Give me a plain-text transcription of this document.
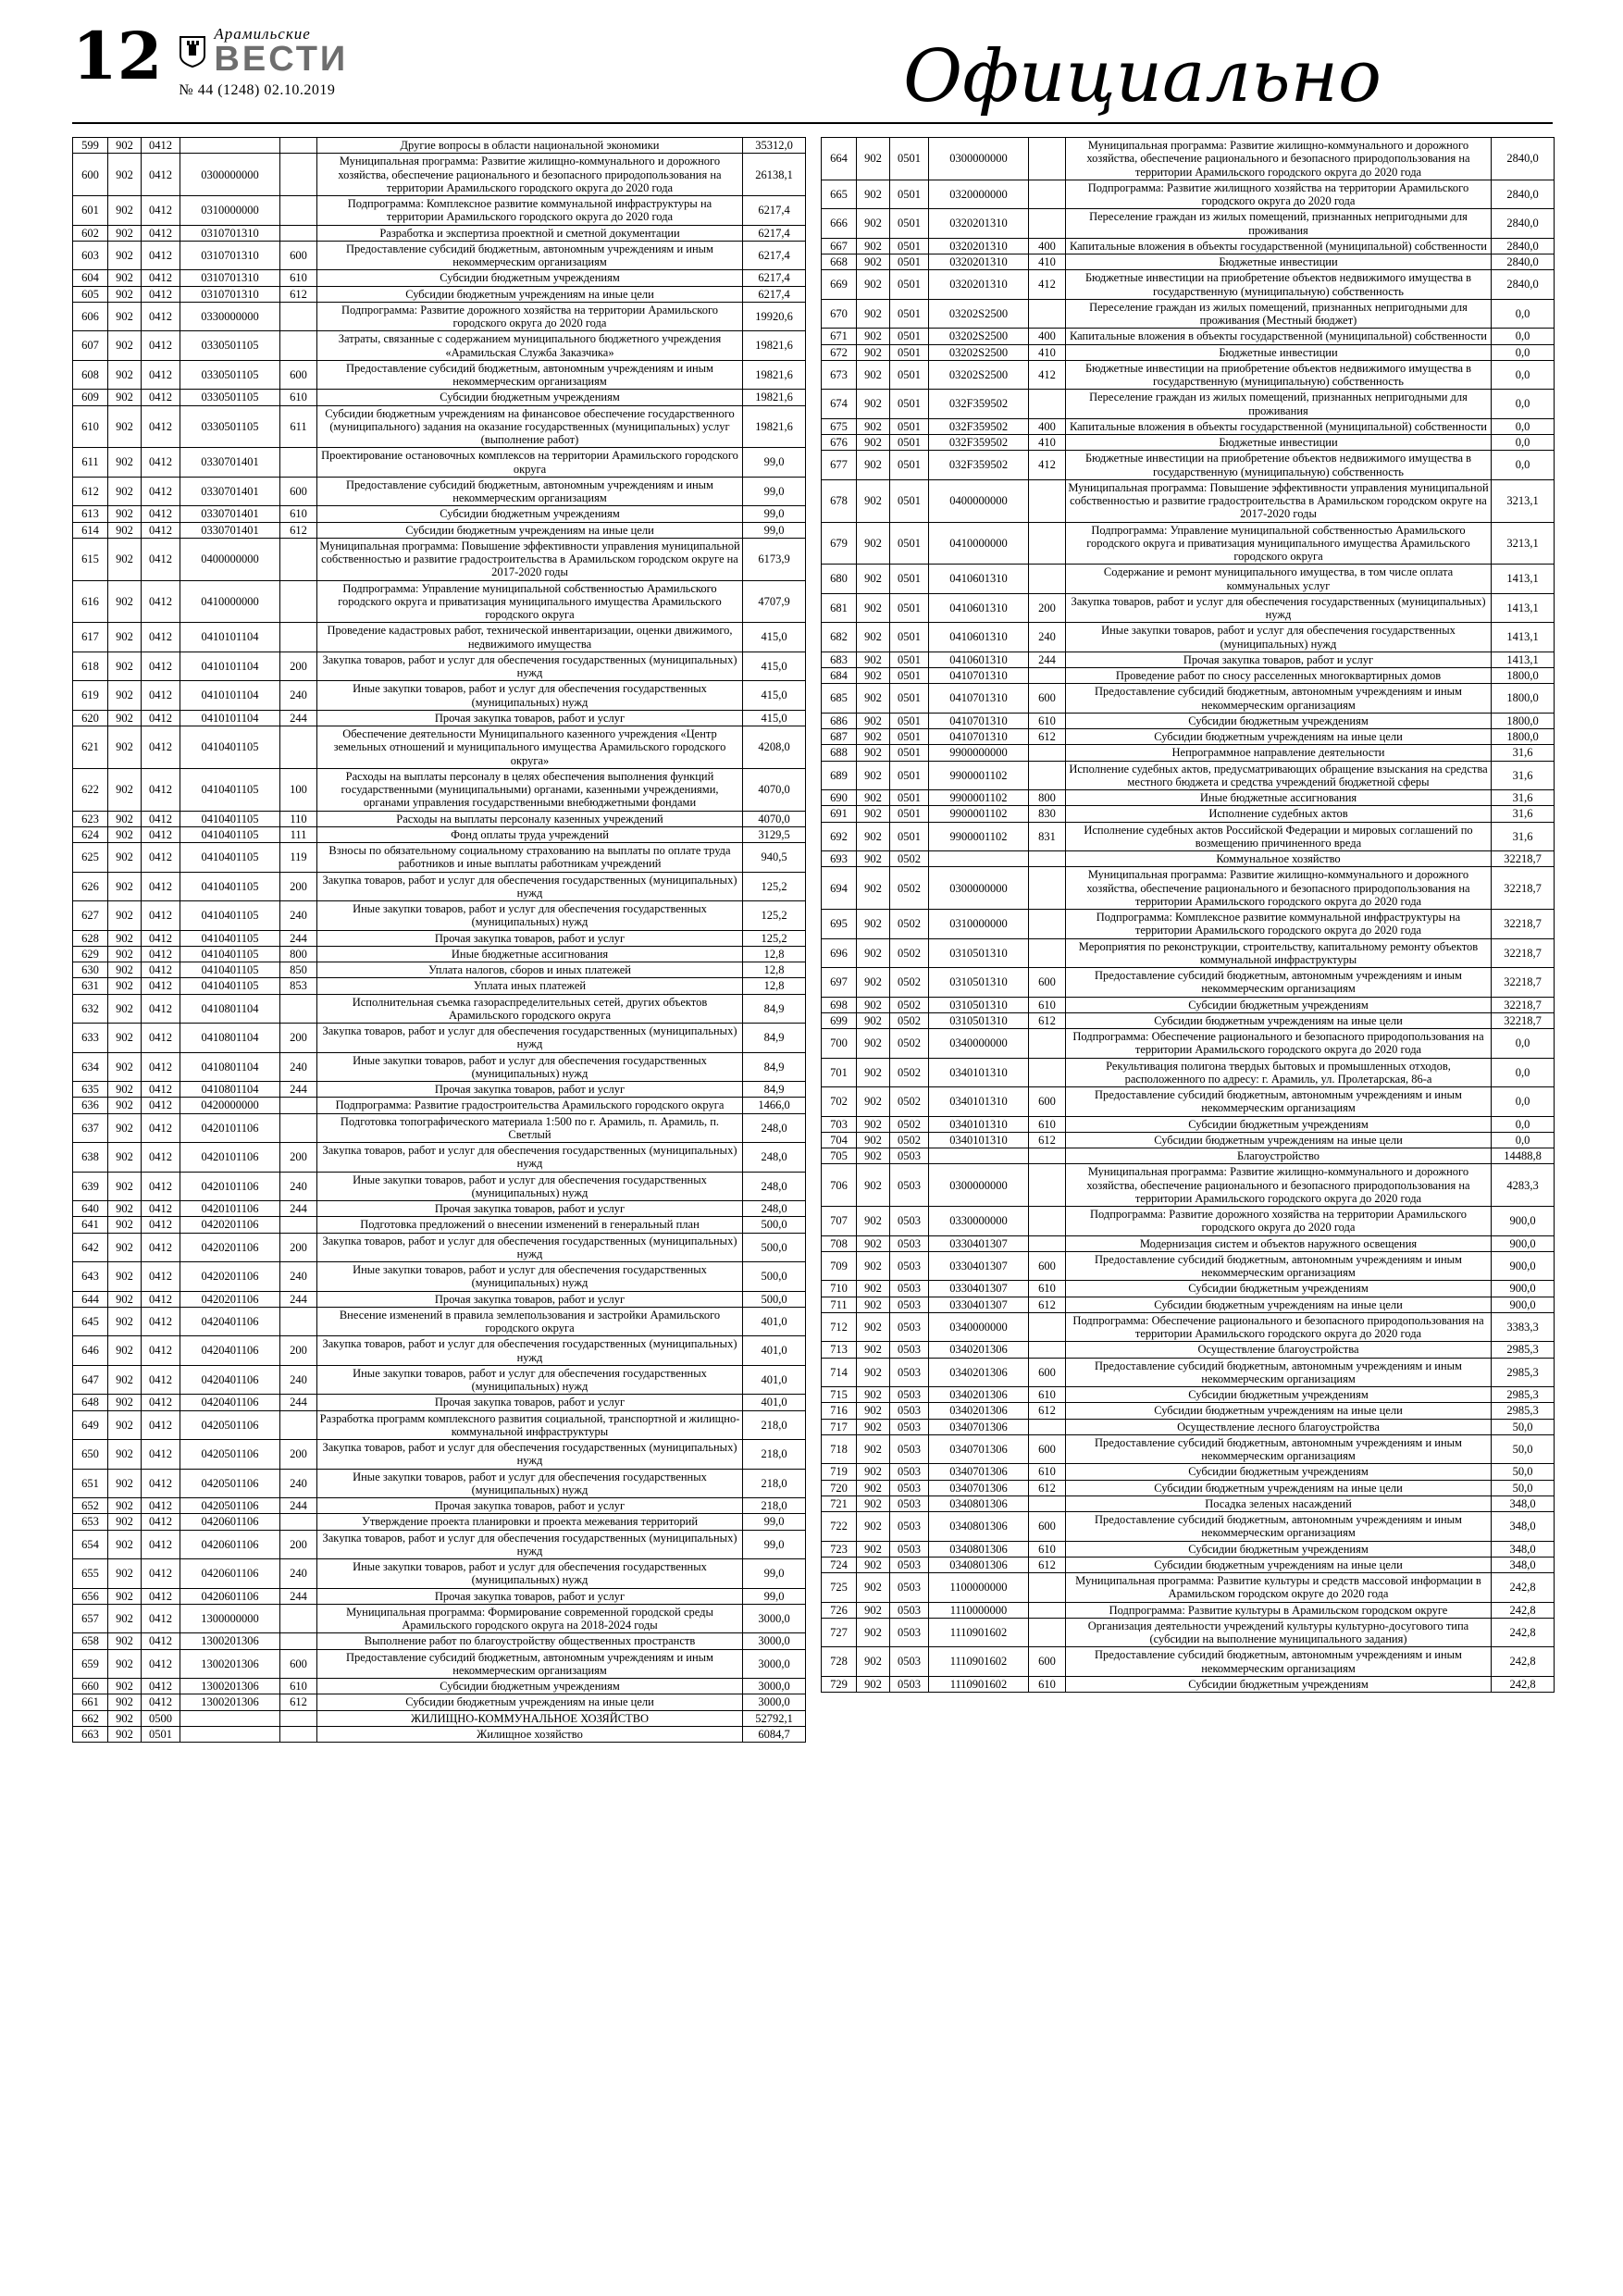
12	Арамильские
ВЕСТИ
№ 44 (1248) 02.10.2019	Официально
599	902	0412			Другие вопросы в области национальной экономики	35312,0
600	902	0412	0300000000		Муниципальная программа: Развитие жилищно-коммунального и дорожного хозяйства, обеспечение рационального и безопасного природопользования на территории Арамильского городского округа до 2020 года	26138,1
601	902	0412	0310000000		Подпрограмма: Комплексное развитие коммунальной инфраструктуры на территории Арамильского городского округа до 2020 года	6217,4
602	902	0412	0310701310		Разработка и экспертиза проектной и сметной документации	6217,4
603	902	0412	0310701310	600	Предоставление субсидий бюджетным, автономным учреждениям и иным некоммерческим организациям	6217,4
604	902	0412	0310701310	610	Субсидии бюджетным учреждениям	6217,4
605	902	0412	0310701310	612	Субсидии бюджетным учреждениям на иные цели	6217,4
606	902	0412	0330000000		Подпрограмма: Развитие дорожного хозяйства на территории Арамильского городского округа до 2020 года	19920,6
607	902	0412	0330501105		Затраты, связанные с содержанием муниципального бюджетного учреждения «Арамильская Служба Заказчика»	19821,6
608	902	0412	0330501105	600	Предоставление субсидий бюджетным, автономным учреждениям и иным некоммерческим организациям	19821,6
609	902	0412	0330501105	610	Субсидии бюджетным учреждениям	19821,6
610	902	0412	0330501105	611	Субсидии бюджетным учреждениям на финансовое обеспечение государственного (муниципального) задания на оказание государственных (муниципальных) услуг (выполнение работ)	19821,6
611	902	0412	0330701401		Проектирование остановочных комплексов на территории Арамильского городского округа	99,0
612	902	0412	0330701401	600	Предоставление субсидий бюджетным, автономным учреждениям и иным некоммерческим организациям	99,0
613	902	0412	0330701401	610	Субсидии бюджетным учреждениям	99,0
614	902	0412	0330701401	612	Субсидии бюджетным учреждениям на иные цели	99,0
615	902	0412	0400000000		Муниципальная программа: Повышение эффективности управления муниципальной собственностью и развитие градостроительства в Арамильском городском округе на 2017-2020 годы	6173,9
616	902	0412	0410000000		Подпрограмма: Управление муниципальной собственностью Арамильского городского округа и приватизация муниципального имущества Арамильского городского округа	4707,9
617	902	0412	0410101104		Проведение кадастровых работ, технической инвентаризации, оценки движимого, недвижимого имущества	415,0
618	902	0412	0410101104	200	Закупка товаров, работ и услуг для обеспечения государственных (муниципальных) нужд	415,0
619	902	0412	0410101104	240	Иные закупки товаров, работ и услуг для обеспечения государственных (муниципальных) нужд	415,0
620	902	0412	0410101104	244	Прочая закупка товаров, работ и услуг	415,0
621	902	0412	0410401105		Обеспечение деятельности Муниципального казенного учреждения «Центр земельных отношений и муниципального имущества Арамильского городского округа»	4208,0
622	902	0412	0410401105	100	Расходы на выплаты персоналу в целях обеспечения выполнения функций государственными (муниципальными) органами, казенными учреждениями, органами управления государственными внебюджетными фондами	4070,0
623	902	0412	0410401105	110	Расходы на выплаты персоналу казенных учреждений	4070,0
624	902	0412	0410401105	111	Фонд оплаты труда учреждений	3129,5
625	902	0412	0410401105	119	Взносы по обязательному социальному страхованию на выплаты по оплате труда работников и иные выплаты работникам учреждений	940,5
626	902	0412	0410401105	200	Закупка товаров, работ и услуг для обеспечения государственных (муниципальных) нужд	125,2
627	902	0412	0410401105	240	Иные закупки товаров, работ и услуг для обеспечения государственных (муниципальных) нужд	125,2
628	902	0412	0410401105	244	Прочая закупка товаров, работ и услуг	125,2
629	902	0412	0410401105	800	Иные бюджетные ассигнования	12,8
630	902	0412	0410401105	850	Уплата налогов, сборов и иных платежей	12,8
631	902	0412	0410401105	853	Уплата иных платежей	12,8
632	902	0412	0410801104		Исполнительная съемка газораспределительных сетей, других объектов Арамильского городского округа	84,9
633	902	0412	0410801104	200	Закупка товаров, работ и услуг для обеспечения государственных (муниципальных) нужд	84,9
634	902	0412	0410801104	240	Иные закупки товаров, работ и услуг для обеспечения государственных (муниципальных) нужд	84,9
635	902	0412	0410801104	244	Прочая закупка товаров, работ и услуг	84,9
636	902	0412	0420000000		Подпрограмма: Развитие градостроительства Арамильского городского округа	1466,0
637	902	0412	0420101106		Подготовка топографического материала 1:500 по г. Арамиль, п. Арамиль, п. Светлый	248,0
638	902	0412	0420101106	200	Закупка товаров, работ и услуг для обеспечения государственных (муниципальных) нужд	248,0
639	902	0412	0420101106	240	Иные закупки товаров, работ и услуг для обеспечения государственных (муниципальных) нужд	248,0
640	902	0412	0420101106	244	Прочая закупка товаров, работ и услуг	248,0
641	902	0412	0420201106		Подготовка предложений о внесении изменений в генеральный план	500,0
642	902	0412	0420201106	200	Закупка товаров, работ и услуг для обеспечения государственных (муниципальных) нужд	500,0
643	902	0412	0420201106	240	Иные закупки товаров, работ и услуг для обеспечения государственных (муниципальных) нужд	500,0
644	902	0412	0420201106	244	Прочая закупка товаров, работ и услуг	500,0
645	902	0412	0420401106		Внесение изменений в правила землепользования и застройки Арамильского городского округа	401,0
646	902	0412	0420401106	200	Закупка товаров, работ и услуг для обеспечения государственных (муниципальных) нужд	401,0
647	902	0412	0420401106	240	Иные закупки товаров, работ и услуг для обеспечения государственных (муниципальных) нужд	401,0
648	902	0412	0420401106	244	Прочая закупка товаров, работ и услуг	401,0
649	902	0412	0420501106		Разработка программ комплексного развития социальной, транспортной и жилищно-коммунальной инфраструктуры	218,0
650	902	0412	0420501106	200	Закупка товаров, работ и услуг для обеспечения государственных (муниципальных) нужд	218,0
651	902	0412	0420501106	240	Иные закупки товаров, работ и услуг для обеспечения государственных (муниципальных) нужд	218,0
652	902	0412	0420501106	244	Прочая закупка товаров, работ и услуг	218,0
653	902	0412	0420601106		Утверждение проекта планировки и проекта межевания территорий	99,0
654	902	0412	0420601106	200	Закупка товаров, работ и услуг для обеспечения государственных (муниципальных) нужд	99,0
655	902	0412	0420601106	240	Иные закупки товаров, работ и услуг для обеспечения государственных (муниципальных) нужд	99,0
656	902	0412	0420601106	244	Прочая закупка товаров, работ и услуг	99,0
657	902	0412	1300000000		Муниципальная программа: Формирование современной городской среды Арамильского городского округа на 2018-2024 годы	3000,0
658	902	0412	1300201306		Выполнение работ по благоустройству общественных пространств	3000,0
659	902	0412	1300201306	600	Предоставление субсидий бюджетным, автономным учреждениям и иным некоммерческим организациям	3000,0
660	902	0412	1300201306	610	Субсидии бюджетным учреждениям	3000,0
661	902	0412	1300201306	612	Субсидии бюджетным учреждениям на иные цели	3000,0
662	902	0500			ЖИЛИЩНО-КОММУНАЛЬНОЕ ХОЗЯЙСТВО	52792,1
663	902	0501			Жилищное хозяйство	6084,7
664	902	0501	0300000000		Муниципальная программа: Развитие жилищно-коммунального и дорожного хозяйства, обеспечение рационального и безопасного природопользования на территории Арамильского городского округа до 2020 года	2840,0
665	902	0501	0320000000		Подпрограмма: Развитие жилищного хозяйства на территории Арамильского городского округа до 2020 года	2840,0
666	902	0501	0320201310		Переселение граждан из жилых помещений, признанных непригодными для проживания	2840,0
667	902	0501	0320201310	400	Капитальные вложения в объекты государственной (муниципальной) собственности	2840,0
668	902	0501	0320201310	410	Бюджетные инвестиции	2840,0
669	902	0501	0320201310	412	Бюджетные инвестиции на приобретение объектов недвижимого имущества в государственную (муниципальную) собственность	2840,0
670	902	0501	03202S2500		Переселение граждан из жилых помещений, признанных непригодными для проживания (Местный бюджет)	0,0
671	902	0501	03202S2500	400	Капитальные вложения в объекты государственной (муниципальной) собственности	0,0
672	902	0501	03202S2500	410	Бюджетные инвестиции	0,0
673	902	0501	03202S2500	412	Бюджетные инвестиции на приобретение объектов недвижимого имущества в государственную (муниципальную) собственность	0,0
674	902	0501	032F359502		Переселение граждан из жилых помещений, признанных непригодными для проживания	0,0
675	902	0501	032F359502	400	Капитальные вложения в объекты государственной (муниципальной) собственности	0,0
676	902	0501	032F359502	410	Бюджетные инвестиции	0,0
677	902	0501	032F359502	412	Бюджетные инвестиции на приобретение объектов недвижимого имущества в государственную (муниципальную) собственность	0,0
678	902	0501	0400000000		Муниципальная программа: Повышение эффективности управления муниципальной собственностью и развитие градостроительства в Арамильском городском округе на 2017-2020 годы	3213,1
679	902	0501	0410000000		Подпрограмма: Управление муниципальной собственностью Арамильского городского округа и приватизация муниципального имущества Арамильского городского округа	3213,1
680	902	0501	0410601310		Содержание и ремонт муниципального имущества, в том числе оплата коммунальных услуг	1413,1
681	902	0501	0410601310	200	Закупка товаров, работ и услуг для обеспечения государственных (муниципальных) нужд	1413,1
682	902	0501	0410601310	240	Иные закупки товаров, работ и услуг для обеспечения государственных (муниципальных) нужд	1413,1
683	902	0501	0410601310	244	Прочая закупка товаров, работ и услуг	1413,1
684	902	0501	0410701310		Проведение работ по сносу расселенных многоквартирных домов	1800,0
685	902	0501	0410701310	600	Предоставление субсидий бюджетным, автономным учреждениям и иным некоммерческим организациям	1800,0
686	902	0501	0410701310	610	Субсидии бюджетным учреждениям	1800,0
687	902	0501	0410701310	612	Субсидии бюджетным учреждениям на иные цели	1800,0
688	902	0501	9900000000		Непрограммное направление деятельности	31,6
689	902	0501	9900001102		Исполнение судебных актов, предусматривающих обращение взыскания на средства местного бюджета и средства учреждений бюджетной сферы	31,6
690	902	0501	9900001102	800	Иные бюджетные ассигнования	31,6
691	902	0501	9900001102	830	Исполнение судебных актов	31,6
692	902	0501	9900001102	831	Исполнение судебных актов Российской Федерации и мировых соглашений по возмещению причиненного вреда	31,6
693	902	0502			Коммунальное хозяйство	32218,7
694	902	0502	0300000000		Муниципальная программа: Развитие жилищно-коммунального и дорожного хозяйства, обеспечение рационального и безопасного природопользования на территории Арамильского городского округа до 2020 года	32218,7
695	902	0502	0310000000		Подпрограмма: Комплексное развитие коммунальной инфраструктуры на территории Арамильского городского округа до 2020 года	32218,7
696	902	0502	0310501310		Мероприятия по реконструкции, строительству, капитальному ремонту объектов коммунальной инфраструктуры	32218,7
697	902	0502	0310501310	600	Предоставление субсидий бюджетным, автономным учреждениям и иным некоммерческим организациям	32218,7
698	902	0502	0310501310	610	Субсидии бюджетным учреждениям	32218,7
699	902	0502	0310501310	612	Субсидии бюджетным учреждениям на иные цели	32218,7
700	902	0502	0340000000		Подпрограмма: Обеспечение рационального и безопасного природопользования на территории Арамильского городского округа до 2020 года	0,0
701	902	0502	0340101310		Рекультивация полигона твердых бытовых и промышленных отходов, расположенного по адресу: г. Арамиль, ул. Пролетарская, 86-а	0,0
702	902	0502	0340101310	600	Предоставление субсидий бюджетным, автономным учреждениям и иным некоммерческим организациям	0,0
703	902	0502	0340101310	610	Субсидии бюджетным учреждениям	0,0
704	902	0502	0340101310	612	Субсидии бюджетным учреждениям на иные цели	0,0
705	902	0503			Благоустройство	14488,8
706	902	0503	0300000000		Муниципальная программа: Развитие жилищно-коммунального и дорожного хозяйства, обеспечение рационального и безопасного природопользования на территории Арамильского городского округа до 2020 года	4283,3
707	902	0503	0330000000		Подпрограмма: Развитие дорожного хозяйства на территории Арамильского городского округа до 2020 года	900,0
708	902	0503	0330401307		Модернизация систем и объектов наружного освещения	900,0
709	902	0503	0330401307	600	Предоставление субсидий бюджетным, автономным учреждениям и иным некоммерческим организациям	900,0
710	902	0503	0330401307	610	Субсидии бюджетным учреждениям	900,0
711	902	0503	0330401307	612	Субсидии бюджетным учреждениям на иные цели	900,0
712	902	0503	0340000000		Подпрограмма: Обеспечение рационального и безопасного природопользования на территории Арамильского городского округа до 2020 года	3383,3
713	902	0503	0340201306		Осуществление благоустройства	2985,3
714	902	0503	0340201306	600	Предоставление субсидий бюджетным, автономным учреждениям и иным некоммерческим организациям	2985,3
715	902	0503	0340201306	610	Субсидии бюджетным учреждениям	2985,3
716	902	0503	0340201306	612	Субсидии бюджетным учреждениям на иные цели	2985,3
717	902	0503	0340701306		Осуществление лесного благоустройства	50,0
718	902	0503	0340701306	600	Предоставление субсидий бюджетным, автономным учреждениям и иным некоммерческим организациям	50,0
719	902	0503	0340701306	610	Субсидии бюджетным учреждениям	50,0
720	902	0503	0340701306	612	Субсидии бюджетным учреждениям на иные цели	50,0
721	902	0503	0340801306		Посадка зеленых насаждений	348,0
722	902	0503	0340801306	600	Предоставление субсидий бюджетным, автономным учреждениям и иным некоммерческим организациям	348,0
723	902	0503	0340801306	610	Субсидии бюджетным учреждениям	348,0
724	902	0503	0340801306	612	Субсидии бюджетным учреждениям на иные цели	348,0
725	902	0503	1100000000		Муниципальная программа: Развитие культуры и средств массовой информации в Арамильском городском округе до 2020 года	242,8
726	902	0503	1110000000		Подпрограмма: Развитие культуры в Арамильском городском округе	242,8
727	902	0503	1110901602		Организация деятельности учреждений культуры культурно-досугового типа (субсидии на выполнение муниципального задания)	242,8
728	902	0503	1110901602	600	Предоставление субсидий бюджетным, автономным учреждениям и иным некоммерческим организациям	242,8
729	902	0503	1110901602	610	Субсидии бюджетным учреждениям	242,8
